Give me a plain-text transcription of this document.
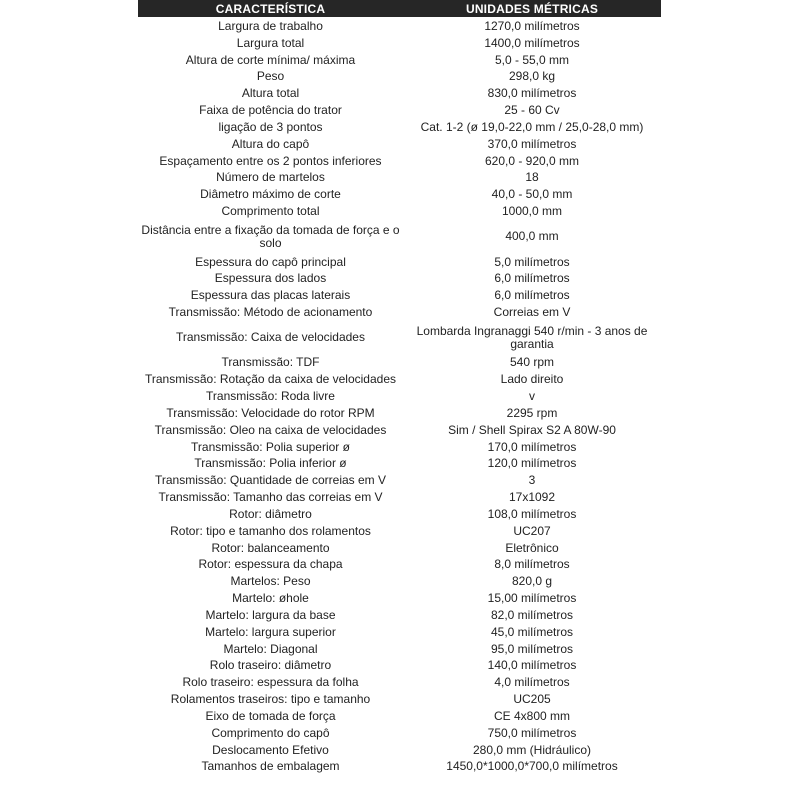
CARACTERÍSTICA	UNIDADES MÉTRICAS
Largura de trabalho	1270,0 milímetros
Largura total	1400,0 milímetros
Altura de corte mínima/ máxima	5,0 - 55,0 mm
Peso	298,0 kg
Altura total	830,0 milímetros
Faixa de potência do trator	25 - 60 Cv
ligação de 3 pontos	Cat. 1-2 (ø 19,0-22,0 mm / 25,0-28,0 mm)
Altura do capô	370,0 milímetros
Espaçamento entre os 2 pontos inferiores	620,0 - 920,0 mm
Número de martelos	18
Diâmetro máximo de corte	40,0 - 50,0 mm
Comprimento total	1000,0 mm
Distância entre a fixação da tomada de força e o solo	400,0 mm
Espessura do capô principal	5,0 milímetros
Espessura dos lados	6,0 milímetros
Espessura das placas laterais	6,0 milímetros
Transmissão: Método de acionamento	Correias em V
Transmissão: Caixa de velocidades	Lombarda Ingranaggi 540 r/min - 3 anos de garantia
Transmissão: TDF	540 rpm
Transmissão: Rotação da caixa de velocidades	Lado direito
Transmissão: Roda livre	v
Transmissão: Velocidade do rotor RPM	2295 rpm
Transmissão: Oleo na caixa de velocidades	Sim / Shell Spirax S2 A 80W-90
Transmissão: Polia superior ø	170,0 milímetros
Transmissão: Polia inferior ø	120,0 milímetros
Transmissão: Quantidade de correias em V	3
Transmissão: Tamanho das correias em V	17x1092
Rotor: diâmetro	108,0 milímetros
Rotor: tipo e tamanho dos rolamentos	UC207
Rotor: balanceamento	Eletrônico
Rotor: espessura da chapa	8,0 milímetros
Martelos: Peso	820,0 g
Martelo: øhole	15,00 milímetros
Martelo: largura da base	82,0 milímetros
Martelo: largura superior	45,0 milímetros
Martelo: Diagonal	95,0 milímetros
Rolo traseiro: diâmetro	140,0 milímetros
Rolo traseiro: espessura da folha	4,0 milímetros
Rolamentos traseiros: tipo e tamanho	UC205
Eixo de tomada de força	CE 4x800 mm
Comprimento do capô	750,0 milímetros
Deslocamento Efetivo	280,0 mm (Hidráulico)
Tamanhos de embalagem	1450,0*1000,0*700,0 milímetros
